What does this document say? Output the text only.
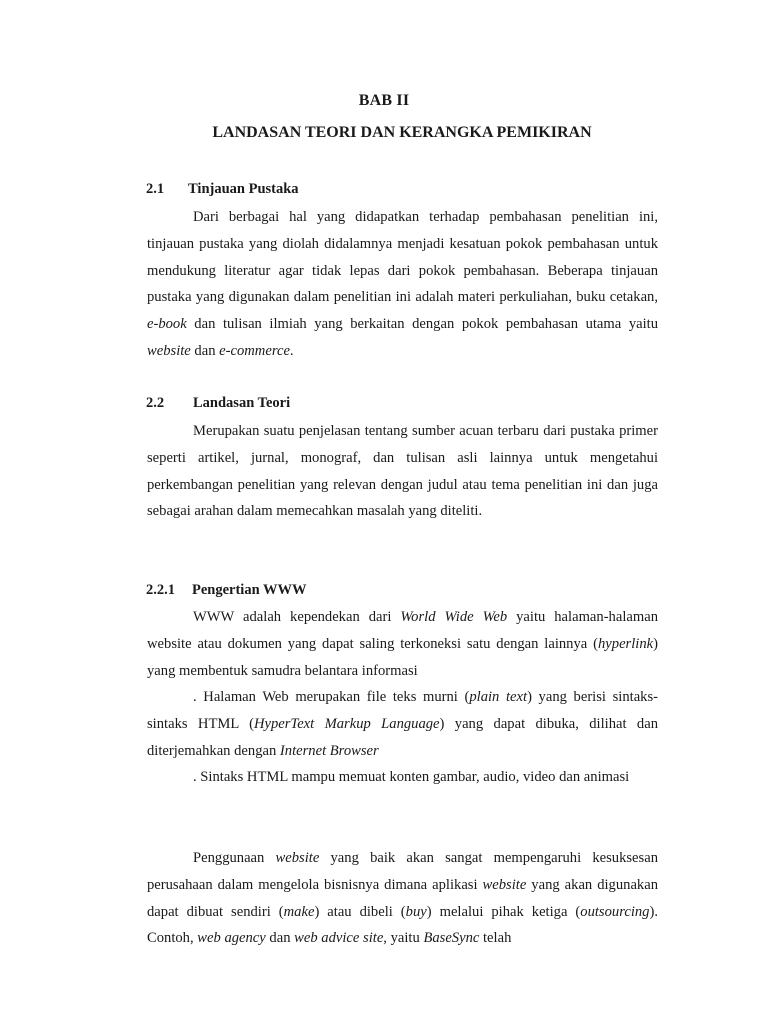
BAB II
LANDASAN TEORI DAN KERANGKA PEMIKIRAN
2.1 Tinjauan Pustaka

Dari berbagai hal yang didapatkan terhadap pembahasan penelitian ini, tinjauan pustaka yang diolah didalamnya menjadi kesatuan pokok pembahasan untuk mendukung literatur agar tidak lepas dari pokok pembahasan. Beberapa tinjauan pustaka yang digunakan dalam penelitian ini adalah materi perkuliahan, buku cetakan, e-book dan tulisan ilmiah yang berkaitan dengan pokok pembahasan utama yaitu website dan e-commerce.

2.2 Landasan Teori

Merupakan suatu penjelasan tentang sumber acuan terbaru dari pustaka primer seperti artikel, jurnal, monograf, dan tulisan asli lainnya untuk mengetahui perkembangan penelitian yang relevan dengan judul atau tema penelitian ini dan juga sebagai arahan dalam memecahkan masalah yang diteliti.

2.2.1 Pengertian WWW

WWW adalah kependekan dari World Wide Web yaitu halaman-halaman website atau dokumen yang dapat saling terkoneksi satu dengan lainnya (hyperlink) yang membentuk samudra belantara informasi

. Halaman Web merupakan file teks murni (plain text) yang berisi sintaks-sintaks HTML (HyperText Markup Language) yang dapat dibuka, dilihat dan diterjemahkan dengan Internet Browser

. Sintaks HTML mampu memuat konten gambar, audio, video dan animasi

Penggunaan website yang baik akan sangat mempengaruhi kesuksesan perusahaan dalam mengelola bisnisnya dimana aplikasi website yang akan digunakan dapat dibuat sendiri (make) atau dibeli (buy) melalui pihak ketiga (outsourcing). Contoh, web agency dan web advice site, yaitu BaseSync telah
